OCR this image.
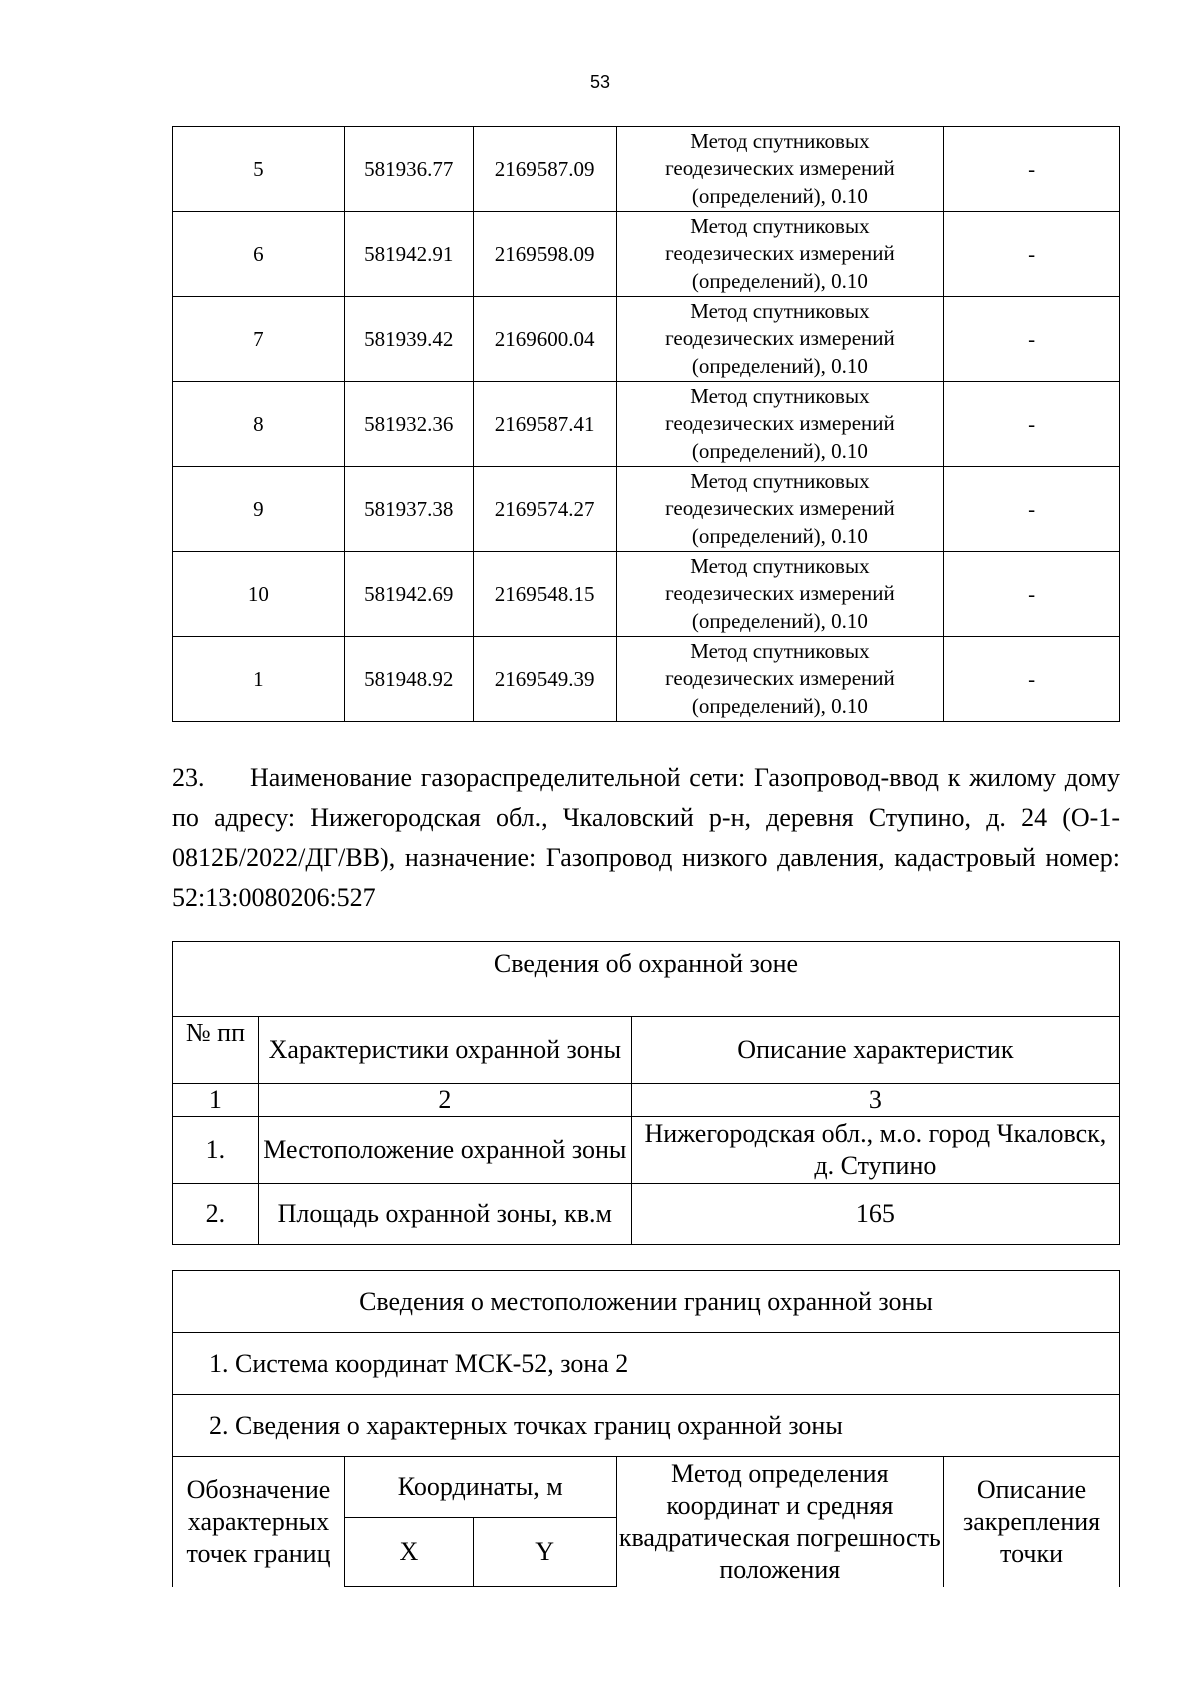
53
5	581936.77	2169587.09	Метод спутниковых
геодезических измерений
(определений), 0.10	-
6	581942.91	2169598.09	Метод спутниковых
геодезических измерений
(определений), 0.10	-
7	581939.42	2169600.04	Метод спутниковых
геодезических измерений
(определений), 0.10	-
8	581932.36	2169587.41	Метод спутниковых
геодезических измерений
(определений), 0.10	-
9	581937.38	2169574.27	Метод спутниковых
геодезических измерений
(определений), 0.10	-
10	581942.69	2169548.15	Метод спутниковых
геодезических измерений
(определений), 0.10	-
1	581948.92	2169549.39	Метод спутниковых
геодезических измерений
(определений), 0.10	-
23. Наименование газораспределительной сети: Газопровод-ввод к жилому дому по адресу: Нижегородская обл., Чкаловский р-н, деревня Ступино, д. 24 (О-1-0812Б/2022/ДГ/ВВ), назначение: Газопровод низкого давления, кадастровый номер: 52:13:0080206:527
Сведения об охранной зоне		
№ пп	Характеристики охранной зоны	Описание характеристик
1	2	3
1.	Местоположение охранной зоны	Нижегородская обл., м.о. город Чкаловск, д. Ступино
2.	Площадь охранной зоны, кв.м	165
Сведения о местоположении границ охранной зоны				
1. Система координат МСК-52, зона 2				
2. Сведения о характерных точках границ охранной зоны				
Обозначение характерных точек границ	Координаты, м		Метод определения координат и средняя квадратическая погрешность положения	Описание закрепления точки
	X	Y		
